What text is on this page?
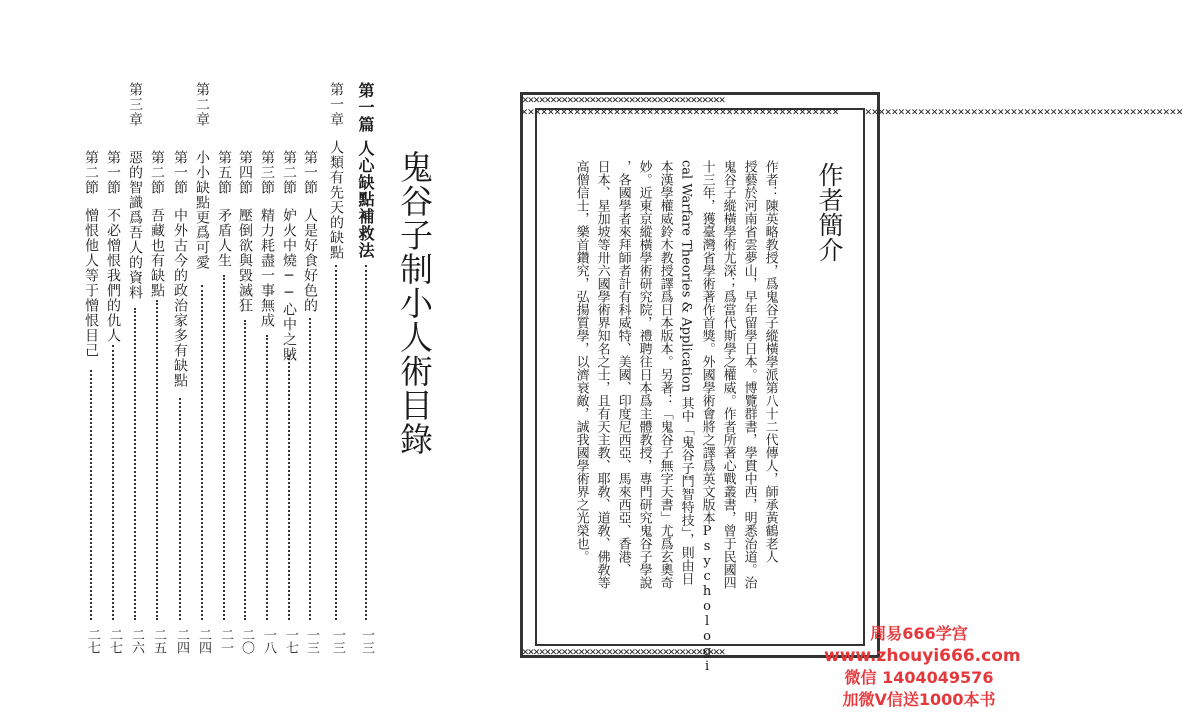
鬼谷子制小人術目錄
第一篇
人心缺點補救法
一三
第一章
人類有先天的缺點
一三
第一節
人是好食好色的
一三
第二節
妒火中燒──心中之賊
一七
第三節
精力耗盡一事無成
一八
第四節
壓倒欲與毀滅狂
二〇
第五節
矛盾人生
二一
第二章
小小缺點更爲可愛
二四
第一節
中外古今的政治家多有缺點
二四
第二節
吾藏也有缺點
二五
惡的智識爲吾人的資料
二六
第三章
第一節
不必憎恨我們的仇人
二七
第二節
憎恨他人等于憎恨目己
二七
✕✕✕✕✕✕✕✕✕✕✕✕✕✕✕✕✕✕✕✕✕✕✕✕✕✕✕✕✕✕✕✕✕✕✕✕
✕✕✕✕✕✕✕✕✕✕✕✕✕✕✕✕✕✕✕✕✕✕✕✕✕✕✕✕✕✕✕✕✕✕✕✕
✕✕✕✕✕✕✕✕✕✕✕✕✕✕✕✕✕✕✕✕✕✕✕✕✕✕✕✕✕✕✕✕✕✕✕✕✕✕✕✕✕✕✕✕✕✕✕✕ ✕✕✕✕✕✕✕✕✕✕✕✕✕✕✕✕✕✕✕✕✕✕✕✕✕✕✕✕✕✕✕✕✕✕✕✕✕✕✕✕✕✕✕✕✕✕✕✕
作者簡介
作者：陳英略教授，爲鬼谷子縱橫學派第八十二代傳人，師承黃鶴老人
授藝於河南省雲夢山，早年留學日本。博覽群書，學貫中西，明悉治道。治
鬼谷子縱橫學術尤深；爲當代斯學之權威。作者所著心戰叢書，曾于民國四
十三年，獲臺灣省學術著作首獎。外國學術會將之譯爲英文版本Psychologi
cal Warfare Theories & Application 其中「鬼谷子鬥智特技」，則由日
本漢學權威鈴木教授譯爲日本版本。另著：「鬼谷子無字天書」尤爲玄奧奇
妙。近東京縱橫學術研究院，禮聘往日本爲主體教授，專門研究鬼谷子學說
，各國學者來拜師者計有科威特、美國、印度尼西亞、馬來西亞、香港、
日本、星加坡等卅六國學術界知名之士，且有天主教、耶敎、道敎、佛敎等
高僧信士，樂首鑽究，弘揚質學，以濟衰敵，誠我國學術界之光榮也。
周易666学宫
www.zhouyi666.com
微信 1404049576
加微V信送1000本书
